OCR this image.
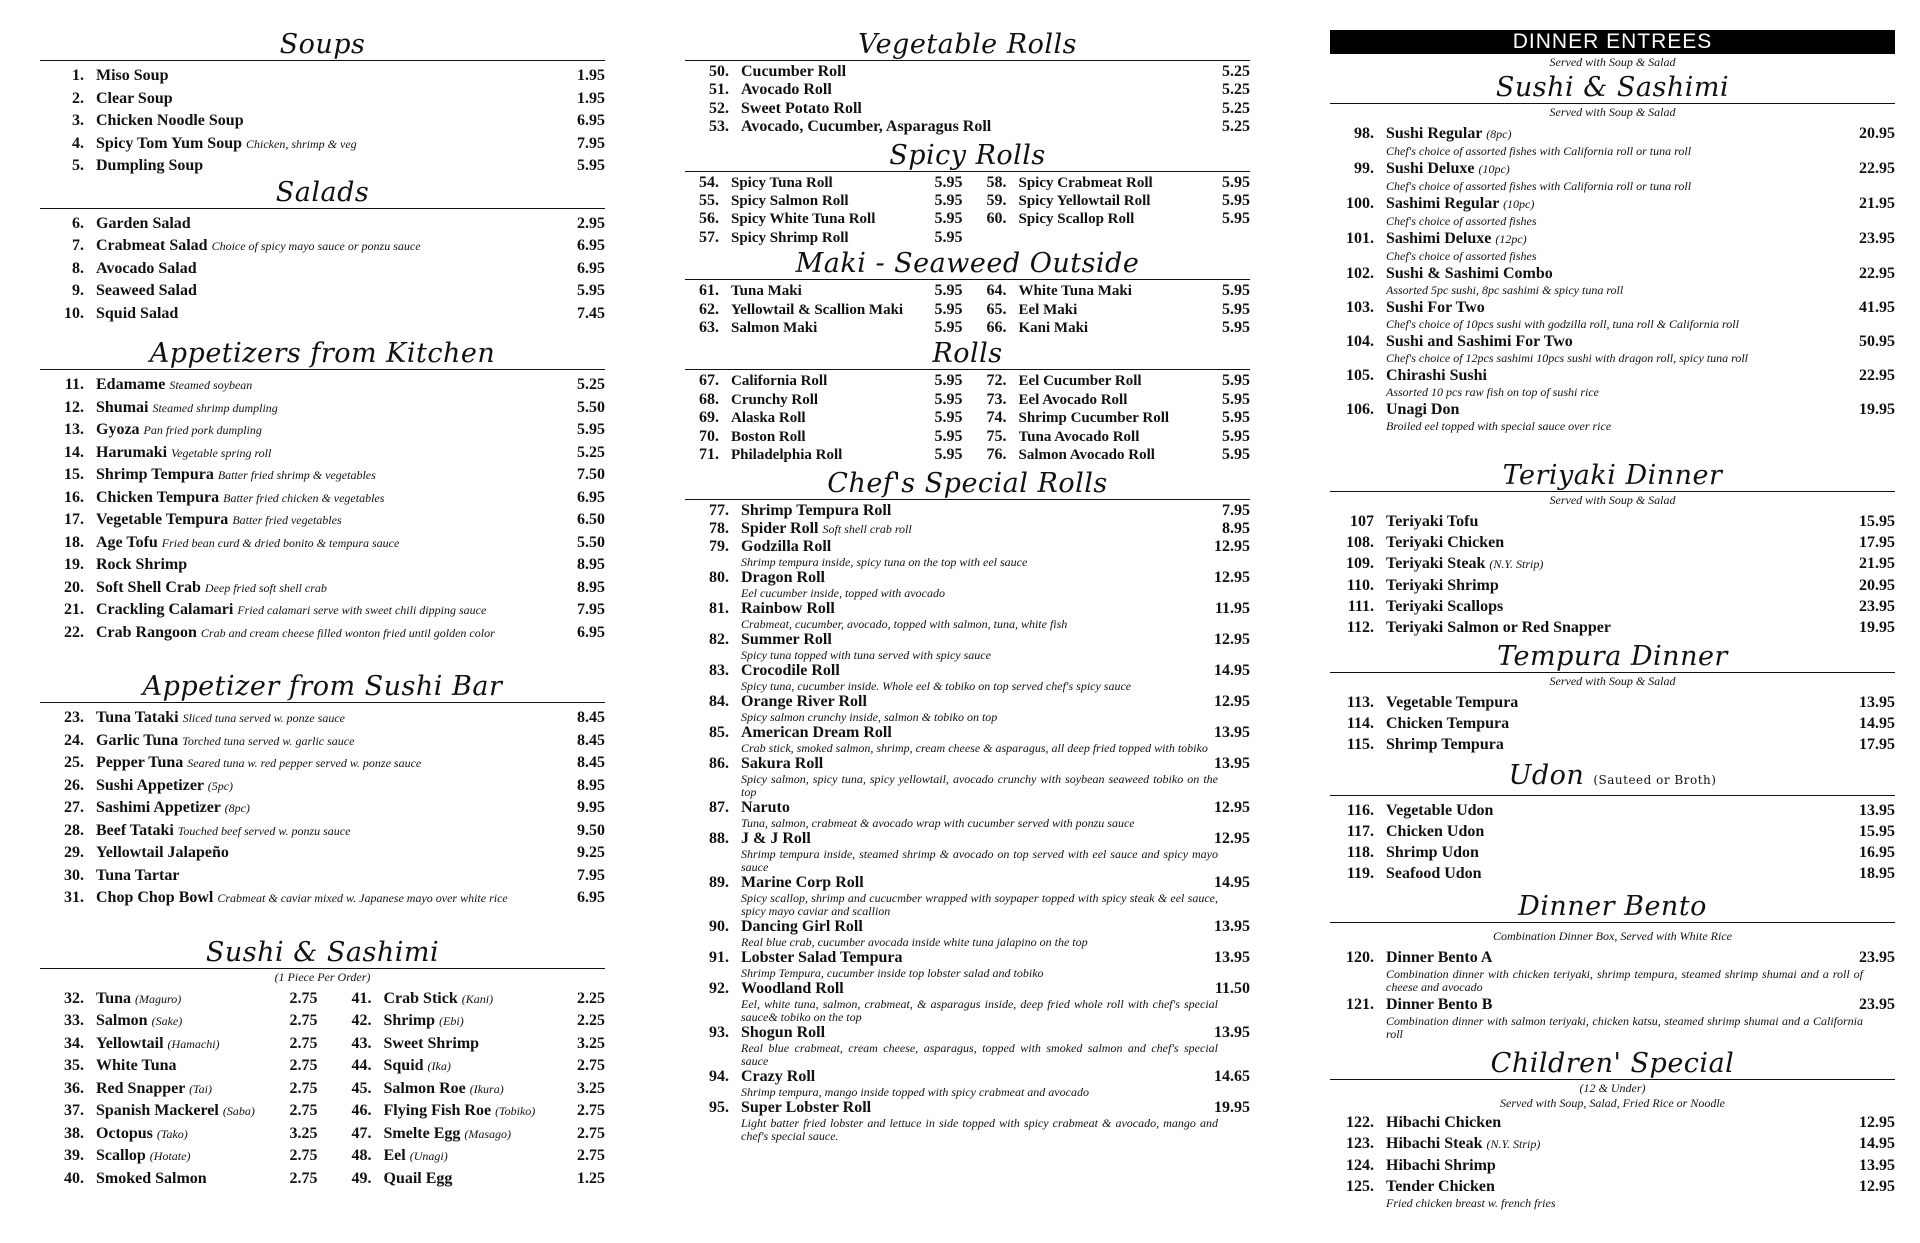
Soups
1. Miso Soup	1.95
2. Clear Soup	1.95
3. Chicken Noodle Soup	6.95
4. Spicy Tom Yum Soup Chicken, shrimp & veg	7.95
5. Dumpling Soup	5.95
Salads
6. Garden Salad	2.95
7. Crabmeat Salad Choice of spicy mayo sauce or ponzu sauce	6.95
8. Avocado Salad	6.95
9. Seaweed Salad	5.95
10. Squid Salad	7.45
Appetizers from Kitchen
11. Edamame Steamed soybean	5.25
12. Shumai Steamed shrimp dumpling	5.50
13. Gyoza Pan fried pork dumpling	5.95
14. Harumaki Vegetable spring roll	5.25
15. Shrimp Tempura Batter fried shrimp & vegetables	7.50
16. Chicken Tempura Batter fried chicken & vegetables	6.95
17. Vegetable Tempura Batter fried vegetables	6.50
18. Age Tofu Fried bean curd & dried bonito & tempura sauce	5.50
19. Rock Shrimp	8.95
20. Soft Shell Crab Deep fried soft shell crab	8.95
21. Crackling Calamari Fried calamari serve with sweet chili dipping sauce	7.95
22. Crab Rangoon Crab and cream cheese filled wonton fried until golden color	6.95
Appetizer from Sushi Bar
23. Tuna Tataki Sliced tuna served w. ponze sauce	8.45
24. Garlic Tuna Torched tuna served w. garlic sauce	8.45
25. Pepper Tuna Seared tuna w. red pepper served w. ponze sauce	8.45
26. Sushi Appetizer (5pc)	8.95
27. Sashimi Appetizer (8pc)	9.95
28. Beef Tataki Touched beef served w. ponzu sauce	9.50
29. Yellowtail Jalapeño	9.25
30. Tuna Tartar	7.95
31. Chop Chop Bowl Crabmeat & caviar mixed w. Japanese mayo over white rice	6.95
Sushi & Sashimi
(1 Piece Per Order)
32. Tuna (Maguro)	2.75
33. Salmon (Sake)	2.75
34. Yellowtail (Hamachi)	2.75
35. White Tuna	2.75
36. Red Snapper (Tai)	2.75
37. Spanish Mackerel (Saba)	2.75
38. Octopus (Tako)	3.25
39. Scallop (Hotate)	2.75
40. Smoked Salmon	2.75
41. Crab Stick (Kani)	2.25
42. Shrimp (Ebi)	2.25
43. Sweet Shrimp	3.25
44. Squid (Ika)	2.75
45. Salmon Roe (Ikura)	3.25
46. Flying Fish Roe (Tobiko)	2.75
47. Smelte Egg (Masago)	2.75
48. Eel (Unagi)	2.75
49. Quail Egg	1.25
Vegetable Rolls
50. Cucumber Roll	5.25
51. Avocado Roll	5.25
52. Sweet Potato Roll	5.25
53. Avocado, Cucumber, Asparagus Roll	5.25
Spicy Rolls
54. Spicy Tuna Roll	5.95
55. Spicy Salmon Roll	5.95
56. Spicy White Tuna Roll	5.95
57. Spicy Shrimp Roll	5.95
58. Spicy Crabmeat Roll	5.95
59. Spicy Yellowtail Roll	5.95
60. Spicy Scallop Roll	5.95
Maki - Seaweed Outside
61. Tuna Maki	5.95
62. Yellowtail & Scallion Maki	5.95
63. Salmon Maki	5.95
64. White Tuna Maki	5.95
65. Eel Maki	5.95
66. Kani Maki	5.95
Rolls
67. California Roll	5.95
68. Crunchy Roll	5.95
69. Alaska Roll	5.95
70. Boston Roll	5.95
71. Philadelphia Roll	5.95
72. Eel Cucumber Roll	5.95
73. Eel Avocado Roll	5.95
74. Shrimp Cucumber Roll	5.95
75. Tuna Avocado Roll	5.95
76. Salmon Avocado Roll	5.95
Chef's Special Rolls
77. Shrimp Tempura Roll	7.95
78. Spider Roll Soft shell crab roll	8.95
79. Godzilla Roll	12.95
Shrimp tempura inside, spicy tuna on the top with eel sauce
80. Dragon Roll	12.95
Eel cucumber inside, topped with avocado
81. Rainbow Roll	11.95
Crabmeat, cucumber, avocado, topped with salmon, tuna, white fish
82. Summer Roll	12.95
Spicy tuna topped with tuna served with spicy sauce
83. Crocodile Roll	14.95
Spicy tuna, cucumber inside. Whole eel & tobiko on top served chef's spicy sauce
84. Orange River Roll	12.95
Spicy salmon crunchy inside, salmon & tobiko on top
85. American Dream Roll	13.95
Crab stick, smoked salmon, shrimp, cream cheese & asparagus, all deep fried topped with tobiko
86. Sakura Roll	13.95
Spicy salmon, spicy tuna, spicy yellowtail, avocado crunchy with soybean seaweed tobiko on the top
87. Naruto	12.95
Tuna, salmon, crabmeat & avocado wrap with cucumber served with ponzu sauce
88. J & J Roll	12.95
Shrimp tempura inside, steamed shrimp & avocado on top served with eel sauce and spicy mayo sauce
89. Marine Corp Roll	14.95
Spicy scallop, shrimp and cucucmber wrapped with soypaper topped with spicy steak & eel sauce, spicy mayo caviar and scallion
90. Dancing Girl Roll	13.95
Real blue crab, cucumber avocada inside white tuna jalapino on the top
91. Lobster Salad Tempura	13.95
Shrimp Tempura, cucumber inside top lobster salad and tobiko
92. Woodland Roll	11.50
Eel, white tuna, salmon, crabmeat, & asparagus inside, deep fried whole roll with chef's special sauce& tobiko on the top
93. Shogun Roll	13.95
Real blue crabmeat, cream cheese, asparagus, topped with smoked salmon and chef's special sauce
94. Crazy Roll	14.65
Shrimp tempura, mango inside topped with spicy crabmeat and avocado
95. Super Lobster Roll	19.95
Light batter fried lobster and lettuce in side topped with spicy crabmeat & avocado, mango and chef's special sauce.
DINNER ENTREES
Served with Soup & Salad
Sushi & Sashimi
Served with Soup & Salad
98. Sushi Regular (8pc)	20.95
Chef's choice of assorted fishes with California roll or tuna roll
99. Sushi Deluxe (10pc)	22.95
Chef's choice of assorted fishes with California roll or tuna roll
100. Sashimi Regular (10pc)	21.95
Chef's choice of assorted fishes
101. Sashimi Deluxe (12pc)	23.95
Chef's choice of assorted fishes
102. Sushi & Sashimi Combo	22.95
Assorted 5pc sushi, 8pc sashimi & spicy tuna roll
103. Sushi For Two	41.95
Chef's choice of 10pcs sushi with godzilla roll, tuna roll & California roll
104. Sushi and Sashimi For Two	50.95
Chef's choice of 12pcs sashimi 10pcs sushi with dragon roll, spicy tuna roll
105. Chirashi Sushi	22.95
Assorted 10 pcs raw fish on top of sushi rice
106. Unagi Don	19.95
Broiled eel topped with special sauce over rice
Teriyaki Dinner
Served with Soup & Salad
107 Teriyaki Tofu	15.95
108. Teriyaki Chicken	17.95
109. Teriyaki Steak (N.Y. Strip)	21.95
110. Teriyaki Shrimp	20.95
111. Teriyaki Scallops	23.95
112. Teriyaki Salmon or Red Snapper	19.95
Tempura Dinner
Served with Soup & Salad
113. Vegetable Tempura	13.95
114. Chicken Tempura	14.95
115. Shrimp Tempura	17.95
Udon (Sauteed or Broth)
116. Vegetable Udon	13.95
117. Chicken Udon	15.95
118. Shrimp Udon	16.95
119. Seafood Udon	18.95
Dinner Bento
Combination Dinner Box, Served with White Rice
120. Dinner Bento A	23.95
Combination dinner with chicken teriyaki, shrimp tempura, steamed shrimp shumai and a roll of cheese and avocado
121. Dinner Bento B	23.95
Combination dinner with salmon teriyaki, chicken katsu, steamed shrimp shumai and a California roll
Children' Special
(12 & Under)
Served with Soup, Salad, Fried Rice or Noodle
122. Hibachi Chicken	12.95
123. Hibachi Steak (N.Y. Strip)	14.95
124. Hibachi Shrimp	13.95
125. Tender Chicken	12.95
Fried chicken breast w. french fries
